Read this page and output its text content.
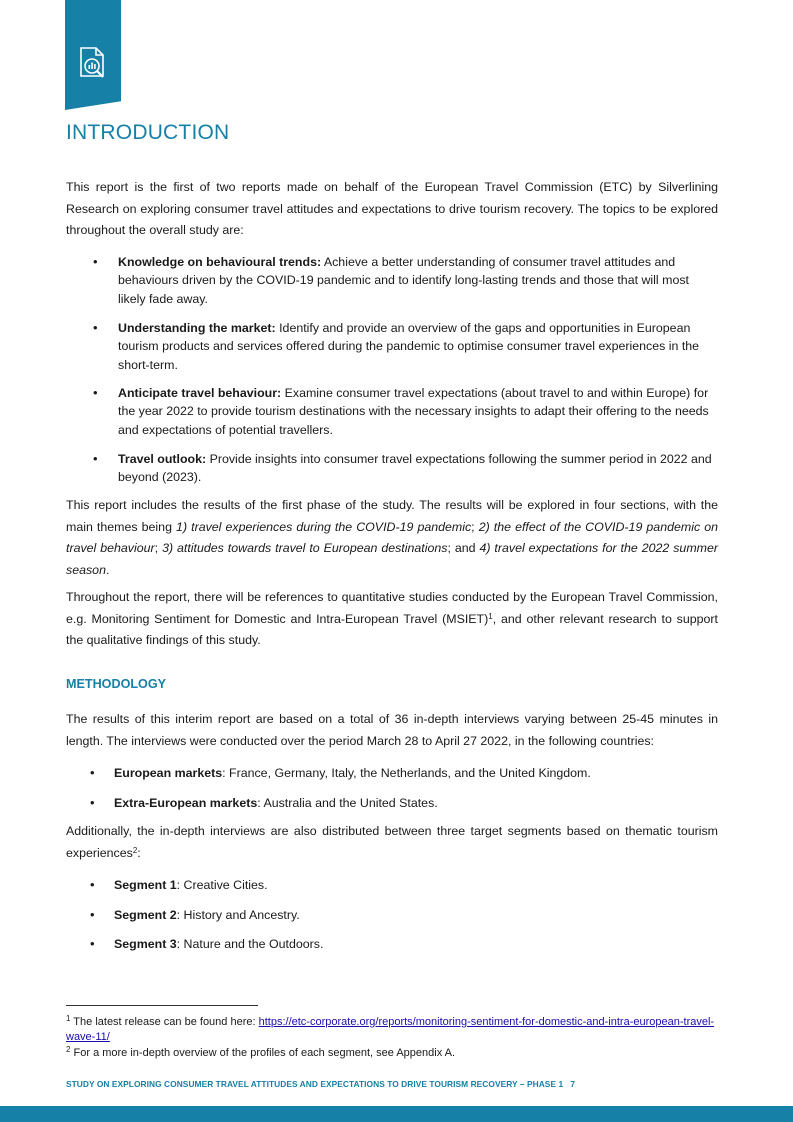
INTRODUCTION

This report is the first of two reports made on behalf of the European Travel Commission (ETC) by Silverlining Research on exploring consumer travel attitudes and expectations to drive tourism recovery. The topics to be explored throughout the overall study are:

• Knowledge on behavioural trends: Achieve a better understanding of consumer travel attitudes and behaviours driven by the COVID-19 pandemic and to identify long-lasting trends and those that will most likely fade away.

• Understanding the market: Identify and provide an overview of the gaps and opportunities in European tourism products and services offered during the pandemic to optimise consumer travel experiences in the short-term.

• Anticipate travel behaviour: Examine consumer travel expectations (about travel to and within Europe) for the year 2022 to provide tourism destinations with the necessary insights to adapt their offering to the needs and expectations of potential travellers.

• Travel outlook: Provide insights into consumer travel expectations following the summer period in 2022 and beyond (2023).

This report includes the results of the first phase of the study. The results will be explored in four sections, with the main themes being 1) travel experiences during the COVID-19 pandemic; 2) the effect of the COVID-19 pandemic on travel behaviour; 3) attitudes towards travel to European destinations; and 4) travel expectations for the 2022 summer season.

Throughout the report, there will be references to quantitative studies conducted by the European Travel Commission, e.g. Monitoring Sentiment for Domestic and Intra-European Travel (MSIET)$^1$, and other relevant research to support the qualitative findings of this study.

METHODOLOGY

The results of this interim report are based on a total of 36 in-depth interviews varying between 25-45 minutes in length. The interviews were conducted over the period March 28 to April 27 2022, in the following countries:

• European markets: France, Germany, Italy, the Netherlands, and the United Kingdom.

• Extra-European markets: Australia and the United States.

Additionally, the in-depth interviews are also distributed between three target segments based on thematic tourism experiences$^2$:

• Segment 1: Creative Cities.

• Segment 2: History and Ancestry.

• Segment 3: Nature and the Outdoors.

$^1$ The latest release can be found here: https://etc-corporate.org/reports/monitoring-sentiment-for-domestic-and-intra-european-travel-wave-11/

$^2$ For a more in-depth overview of the profiles of each segment, see Appendix A.

STUDY ON EXPLORING CONSUMER TRAVEL ATTITUDES AND EXPECTATIONS TO DRIVE TOURISM RECOVERY – PHASE 1 7
